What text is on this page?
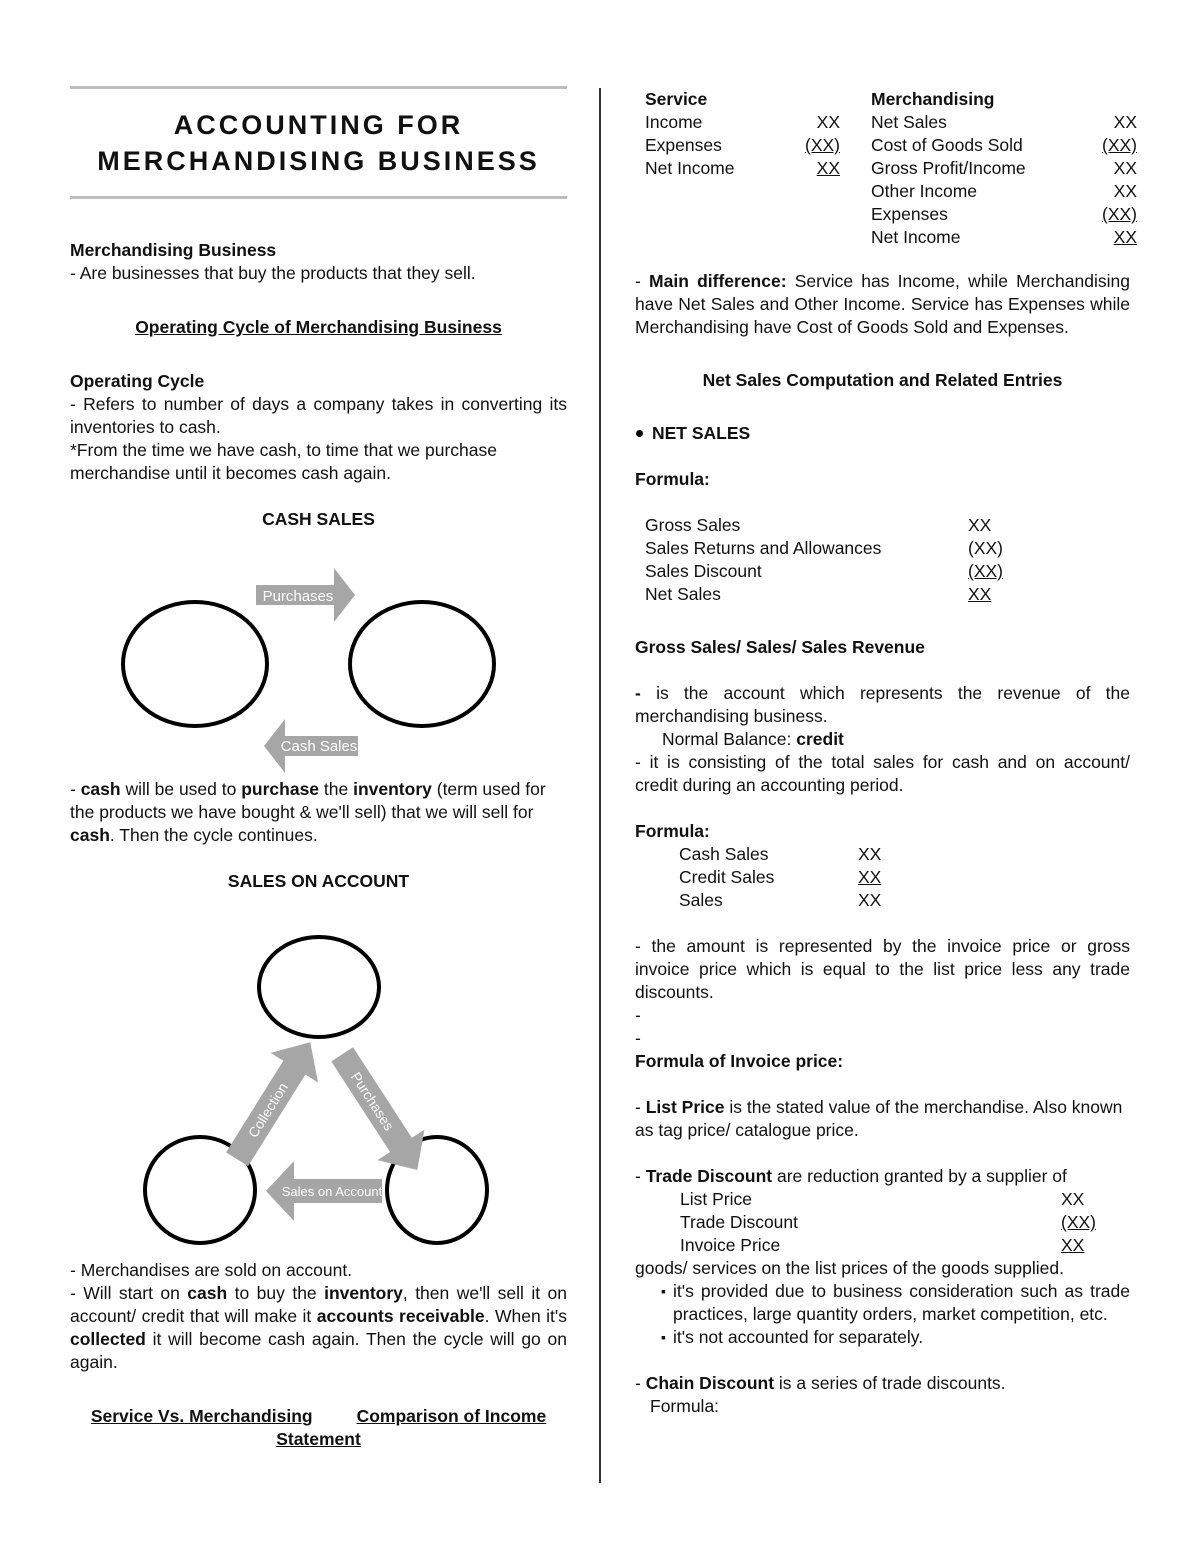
ACCOUNTING FOR
MERCHANDISING BUSINESS

Merchandising Business

- Are businesses that buy the products that they sell.

Operating Cycle of Merchandising Business

Operating Cycle

- Refers to number of days a company takes in converting its inventories to cash.

*From the time we have cash, to time that we purchase merchandise until it becomes cash again.

CASH SALES

Purchases
Cash Sales

- cash will be used to purchase the inventory (term used for the products we have bought & we'll sell) that we will sell for cash. Then the cycle continues.

SALES ON ACCOUNT

Collection	Purchases
Sales on Account

- Merchandises are sold on account.

- Will start on cash to buy the inventory, then we'll sell it on account/ credit that will make it accounts receivable. When it's collected it will become cash again. Then the cycle will go on again.

Service Vs. Merchandising	Comparison of Income

Statement

Service

Income	XX
Expenses	(XX)
Net Income	XX

Merchandising

Net Sales	XX
Cost of Goods Sold	(XX)
Gross Profit/Income	XX
Other Income	XX
Expenses	(XX)
Net Income	XX

- Main difference: Service has Income, while Merchandising have Net Sales and Other Income. Service has Expenses while Merchandising have Cost of Goods Sold and Expenses.

Net Sales Computation and Related Entries

NET SALES

Formula:

Gross Sales	XX
Sales Returns and Allowances	(XX)
Sales Discount	(XX)
Net Sales	XX

Gross Sales/ Sales/ Sales Revenue

- is the account which represents the revenue of the merchandising business.

Normal Balance: credit

- it is consisting of the total sales for cash and on account/ credit during an accounting period.

Formula:

Cash Sales	XX
Credit Sales	XX
Sales	XX

- the amount is represented by the invoice price or gross invoice price which is equal to the list price less any trade discounts.

-

-

Formula of Invoice price:

- List Price is the stated value of the merchandise. Also known as tag price/ catalogue price.

- Trade Discount are reduction granted by a supplier of

List Price	XX
Trade Discount	(XX)
Invoice Price	XX

goods/ services on the list prices of the goods supplied.

▪ it's provided due to business consideration such as trade practices, large quantity orders, market competition, etc.
▪ it's not accounted for separately.

- Chain Discount is a series of trade discounts.

Formula:
